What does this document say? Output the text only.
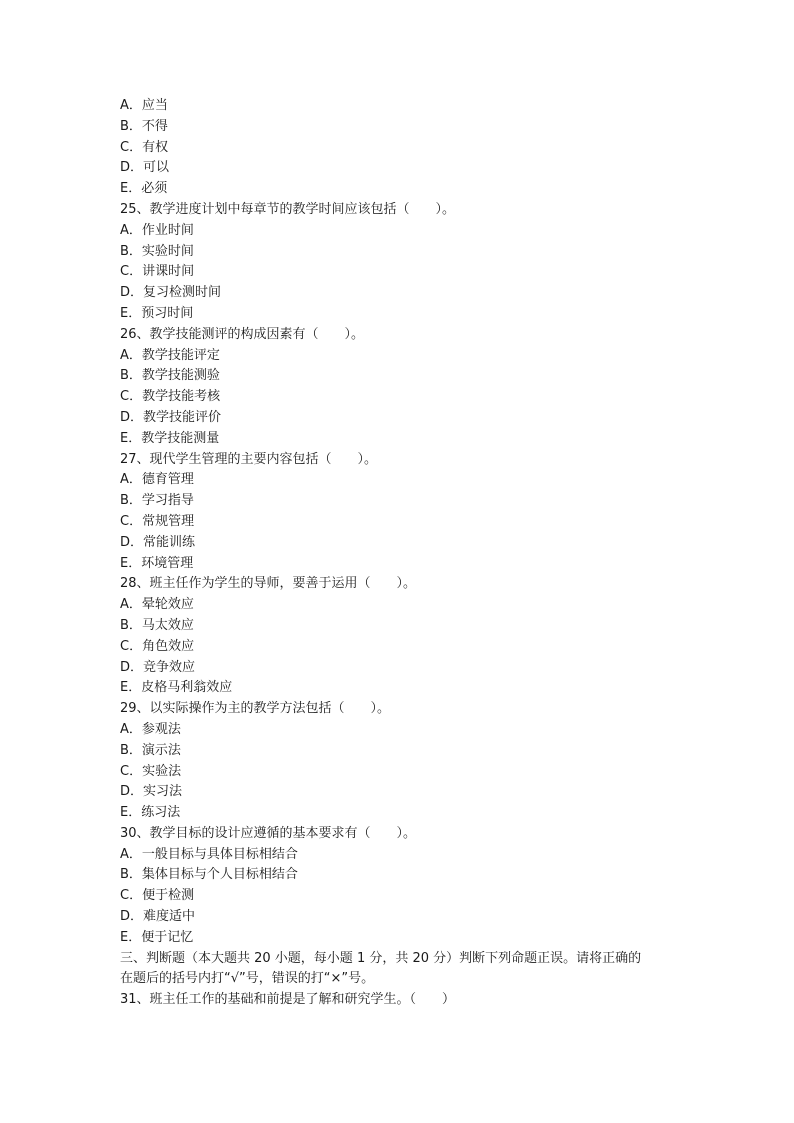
A．应当
B．不得
C．有权
D．可以
E．必须
25、教学进度计划中每章节的教学时间应该包括（　　）。
A．作业时间
B．实验时间
C．讲课时间
D．复习检测时间
E．预习时间
26、教学技能测评的构成因素有（　　）。
A．教学技能评定
B．教学技能测验
C．教学技能考核
D．教学技能评价
E．教学技能测量
27、现代学生管理的主要内容包括（　　）。
A．德育管理
B．学习指导
C．常规管理
D．常能训练
E．环境管理
28、班主任作为学生的导师，要善于运用（　　）。
A．晕轮效应
B．马太效应
C．角色效应
D．竞争效应
E．皮格马利翁效应
29、以实际操作为主的教学方法包括（　　）。
A．参观法
B．演示法
C．实验法
D．实习法
E．练习法
30、教学目标的设计应遵循的基本要求有（　　）。
A．一般目标与具体目标相结合
B．集体目标与个人目标相结合
C．便于检测
D．难度适中
E．便于记忆
三、判断题（本大题共 20 小题，每小题 1 分，共 20 分）判断下列命题正误。请将正确的
在题后的括号内打“√”号，错误的打“×”号。
31、班主任工作的基础和前提是了解和研究学生。（　　）
